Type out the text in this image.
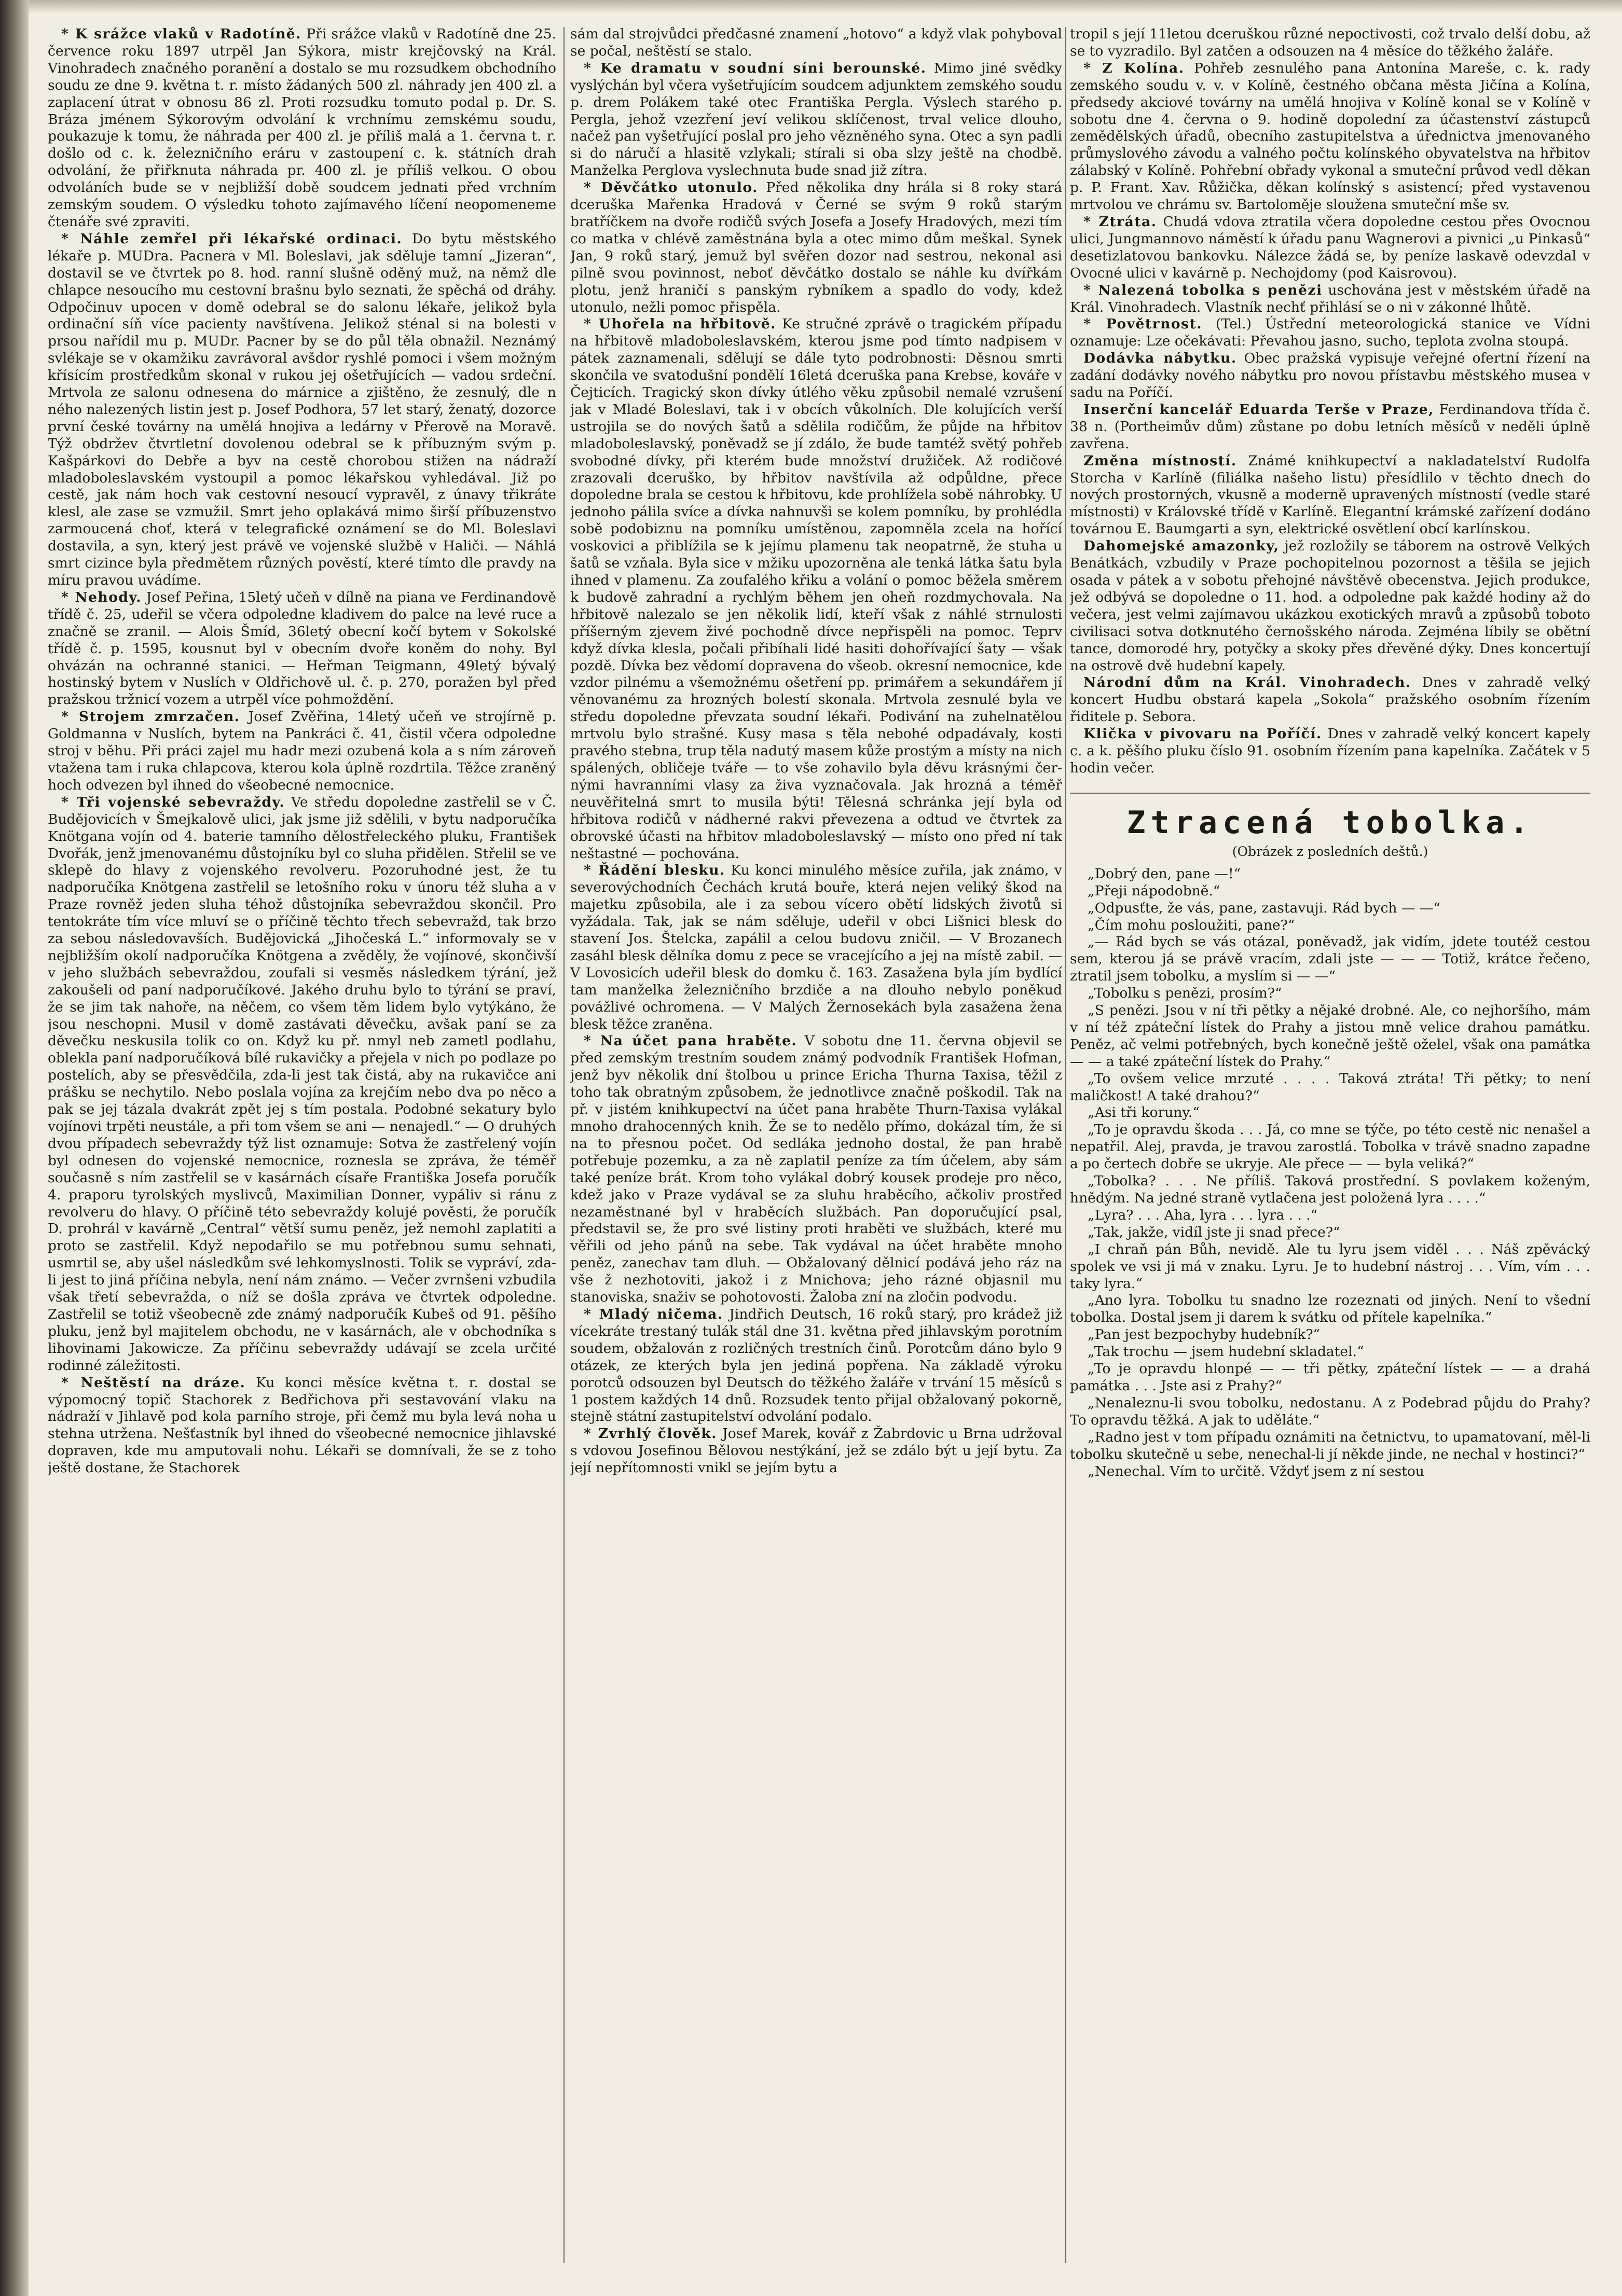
* K srážce vlaků v Radotíně. Při srážce vlaků v Radotíně dne 25. července roku 1897 utrpěl Jan Sýkora, mistr krejčovský na Král. Vinohradech značného poranění a dostalo se mu rozsudkem obchodního soudu ze dne 9. května t. r. místo žádaných 500 zl. náhrady jen 400 zl. a zaplacení útrat v obnosu 86 zl. Proti rozsudku tomuto podal p. Dr. S. Bráza jménem Sýkorovým odvolání k vrchnímu zemskému soudu, poukazuje k tomu, že náhrada per 400 zl. je příliš malá a 1. června t. r. došlo od c. k. železničního eráru v zastoupení c. k. státních drah odvolání, že přiřknuta náhrada pr. 400 zl. je příliš velkou. O obou odvoláních bude se v nejbližší době soudcem jednati před vrchním zemským soudem. O výsledku tohoto zajímavého líčení neopomeneme čtenáře své zpraviti.

* Náhle zemřel při lékařské ordinaci. Do bytu městského lékaře p. MUDra. Pacnera v Ml. Boleslavi, jak sděluje tamní „Jizeran“, dostavil se ve čtvrtek po 8. hod. ranní slušně oděný muž, na němž dle chlapce nesoucího mu cestovní brašnu bylo seznati, že spěchá od dráhy. Odpočinuv upocen v domě odebral se do salonu lékaře, jelikož byla ordinační síň více pacienty navštívena. Jelikož sténal si na bolesti v prsou nařídil mu p. MUDr. Pacner by se do půl těla obnažil. Neznámý svlékaje se v okamžiku zavrávoral avšdor ryshlé pomoci i všem možným křísícím prostředkům skonal v rukou jej ošetřujících — vadou srdeční. Mrtvola ze salonu odnesena do márnice a zjištěno, že zesnulý, dle n ného nalezených listin jest p. Josef Podhora, 57 let starý, ženatý, dozorce první české továrny na umělá hnojiva a ledárny v Přerově na Moravě. Týž obdržev čtvrtletní dovolenou odebral se k příbuzným svým p. Kašpárkovi do Debře a byv na cestě chorobou stižen na nádraží mladoboleslavském vystoupil a pomoc lékařskou vyhledával. Již po cestě, jak nám hoch vak cestovní nesoucí vypravěl, z únavy třikráte klesl, ale zase se vzmužil. Smrt jeho oplakává mimo širší příbuzenstvo zarmoucená choť, která v telegrafické oznámení se do Ml. Boleslavi dostavila, a syn, který jest právě ve vojenské službě v Haliči. — Náhlá smrt cizince byla předmětem různých pověstí, které tímto dle pravdy na míru pravou uvádíme.

* Nehody. Josef Peřina, 15letý učeň v dílně na piana ve Ferdinandově třídě č. 25, udeřil se včera odpoledne kladivem do palce na levé ruce a značně se zranil. — Alois Šmíd, 36letý obecní kočí bytem v Sokolské třídě č. p. 1595, kousnut byl v obecním dvoře koněm do nohy. Byl ohvázán na ochranné stanici. — Heřman Teigmann, 49letý bývalý hostinský bytem v Nuslích v Oldřichově ul. č. p. 270, poražen byl před pražskou tržnicí vozem a utrpěl více pohmoždění.

* Strojem zmrzačen. Josef Zvěřina, 14letý učeň ve strojírně p. Goldmanna v Nuslích, bytem na Pankráci č. 41, čistil včera odpoledne stroj v běhu. Při práci zajel mu hadr mezi ozubená kola a s ním zároveň vtažena tam i ruka chlapcova, kterou kola úplně rozdrtila. Těžce zraněný hoch odvezen byl ihned do všeobecné nemocnice.

* Tři vojenské sebevraždy. Ve středu dopoledne zastřelil se v Č. Budějovicích v Šmejkalově ulici, jak jsme již sdělili, v bytu nadporučíka Knötgana vojín od 4. baterie tamního dělostřeleckého pluku, František Dvořák, jenž jmenovanému důstojníku byl co sluha přidělen. Střelil se ve sklepě do hlavy z vojenského revolveru. Pozoruhodné jest, že tu nadporučíka Knötgena zastřelil se letošního roku v únoru též sluha a v Praze rovněž jeden sluha téhož důstojníka sebevraždou skončil. Pro tentokráte tím více mluví se o příčině těchto třech sebevražd, tak brzo za sebou následovavších. Budějovická „Jihočeská L.“ informovaly se v nejbližším okolí nadporučíka Knötgena a zvěděly, že vojínové, skončivší v jeho službách sebevraždou, zoufali si vesměs následkem týrání, jež zakoušeli od paní nadporučíkové. Jakého druhu bylo to týrání se praví, že se jim tak nahoře, na něčem, co všem těm lidem bylo vytýkáno, že jsou neschopni. Musil v domě zastávati děvečku, avšak paní se za děvečku neskusila tolik co on. Když ku př. nmyl neb zametl podlahu, oblekla paní nadporučíková bílé rukavičky a přejela v nich po podlaze po postelích, aby se přesvědčila, zda-li jest tak čistá, aby na rukavičce ani prášku se nechytilo. Nebo poslala vojína za krejčím nebo dva po něco a pak se jej tázala dvakrát zpět jej s tím postala. Podobné sekatury bylo vojínovi trpěti neustále, a při tom všem se ani — nenajedl.“ — O druhých dvou případech sebevraždy týž list oznamuje: Sotva že zastřelený vojín byl odnesen do vojenské nemocnice, roznesla se zpráva, že téměř současně s ním zastřelil se v kasárnách císaře Františka Josefa poručík 4. praporu tyrolských myslivců, Maximilian Donner, vypáliv si ránu z revolveru do hlavy. O příčině této sebevraždy kolujé pověsti, že poručík D. prohrál v kavárně „Central“ větší sumu peněz, jež nemohl zaplatiti a proto se zastřelil. Když nepodařilo se mu potřebnou sumu sehnati, usmrtil se, aby ušel následkům své lehkomyslnosti. Tolik se vypráví, zda-li jest to jiná příčina nebyla, není nám známo. — Večer zvrnšeni vzbudila však třetí sebevražda, o níž se došla zpráva ve čtvrtek odpoledne. Zastřelil se totiž všeobecně zde známý nadporučík Kubeš od 91. pěšího pluku, jenž byl majitelem obchodu, ne v kasárnách, ale v obchodníka s lihovinami Jakowicze. Za příčinu sebevraždy udávají se zcela určité rodinné záležitosti.

* Neštěstí na dráze. Ku konci měsíce května t. r. dostal se výpomocný topič Stachorek z Bedřichova při sestavování vlaku na nádraží v Jihlavě pod kola parního stroje, při čemž mu byla levá noha u stehna utržena. Nešťastník byl ihned do všeobecné nemocnice jihlavské dopraven, kde mu amputovali nohu. Lékaři se domnívali, že se z toho ještě dostane, že Stachorek

sám dal strojvůdci předčasné znamení „hotovo“ a když vlak pohyboval se počal, neštěstí se stalo.

* Ke dramatu v soudní síni berounské. Mimo jiné svědky vyslýchán byl včera vyšetřujícím soudcem adjunktem zemského soudu p. drem Polákem také otec Františka Pergla. Výslech starého p. Pergla, jehož vzezření jeví velikou sklíčenost, trval velice dlouho, načež pan vyšetřující poslal pro jeho vězněného syna. Otec a syn padli si do náručí a hlasitě vzlykali; stírali si oba slzy ještě na chodbě. Manželka Perglova vyslechnuta bude snad již zítra.

* Děvčátko utonulo. Před několika dny hrála si 8 roky stará dceruška Mařenka Hradová v Černé se svým 9 roků starým bratříčkem na dvoře rodičů svých Josefa a Josefy Hradových, mezi tím co matka v chlévě zaměstnána byla a otec mimo dům meškal. Synek Jan, 9 roků starý, jemuž byl svěřen dozor nad sestrou, nekonal asi pilně svou povinnost, neboť děvčátko dostalo se náhle ku dvířkám plotu, jenž hraničí s panským rybníkem a spadlo do vody, kdež utonulo, nežli pomoc přispěla.

* Uhořela na hřbitově. Ke stručné zprávě o tragickém případu na hřbitově mladoboleslavském, kterou jsme pod tímto nadpisem v pátek zaznamenali, sdělují se dále tyto podrobnosti: Děsnou smrti skončila ve svatodušní pondělí 16letá dceruška pana Krebse, kováře v Čejticích. Tragický skon dívky útlého věku způsobil nemalé vzrušení jak v Mladé Boleslavi, tak i v obcích vůkolních. Dle kolujících verší ustrojila se do nových šatů a sdělila rodičům, že půjde na hřbitov mladoboleslavský, poněvadž se jí zdálo, že bude tamtéž světý pohřeb svobodné dívky, při kterém bude množství družiček. Až rodičové zrazovali dceruško, by hřbitov navštívila až odpůldne, přece dopoledne brala se cestou k hřbitovu, kde prohlížela sobě náhrobky. U jednoho pálila svíce a dívka nahnuvši se kolem pomníku, by prohlédla sobě podobiznu na pomníku umístěnou, zapomněla zcela na hořící voskovici a přiblížila se k jejímu plamenu tak neopatrně, že stuha u šatů se vzňala. Byla sice v mžiku upozorněna ale tenká látka šatu byla ihned v plamenu. Za zoufalého křiku a volání o pomoc běžela směrem k budově zahradní a rychlým během jen oheň rozdmychovala. Na hřbitově nalezalo se jen několik lidí, kteří však z náhlé strnulosti příšerným zjevem živé pochodně dívce nepřispěli na pomoc. Teprv když dívka klesla, počali přibíhali lidé hasiti dohořívající šaty — však pozdě. Dívka bez vědomí dopravena do všeob. okresní nemocnice, kde vzdor pilnému a všemožnému ošetření pp. primářem a sekundářem jí věnovanému za hrozných bolestí skonala. Mrtvola zesnulé byla ve středu dopoledne převzata soudní lékaři. Podivání na zuhelnatělou mrtvolu bylo strašné. Kusy masa s těla nebohé odpadávaly, kosti pravého stebna, trup těla nadutý masem kůže prostým a místy na nich spálených, obličeje tváře — to vše zohavilo byla děvu krásnými černými havranními vlasy za živa vyznačovala. Jak hrozná a téměř neuvěřitelná smrt to musila býti! Tělesná schránka její byla od hřbitova rodičů v nádherné rakvi převezena a odtud ve čtvrtek za obrovské účasti na hřbitov mladoboleslavský — místo ono před ní tak neštastné — pochována.

* Řádění blesku. Ku konci minulého měsíce zuřila, jak známo, v severovýchodních Čechách krutá bouře, která nejen veliký škod na majetku způsobila, ale i za sebou vícero obětí lidských životů si vyžádala. Tak, jak se nám sděluje, udeřil v obci Lišnici blesk do stavení Jos. Štelcka, zapálil a celou budovu zničil. — V Brozanech zasáhl blesk dělníka domu z pece se vracejícího a jej na místě zabil. — V Lovosicích udeřil blesk do domku č. 163. Zasažena byla jím bydlící tam manželka železničního brzdiče a na dlouho nebylo poněkud povážlivé ochromena. — V Malých Žernosekách byla zasažena žena blesk těžce zraněna.

* Na účet pana hraběte. V sobotu dne 11. června objevil se před zemským trestním soudem známý podvodník František Hofman, jenž byv několik dní štolbou u prince Ericha Thurna Taxisa, těžil z toho tak obratným způsobem, že jednotlivce značně poškodil. Tak na př. v jistém knihkupectví na účet pana hraběte Thurn-Taxisa vylákal mnoho drahocenných knih. Že se to nedělo přímo, dokázal tím, že si na to přesnou počet. Od sedláka jednoho dostal, že pan hrabě potřebuje pozemku, a za ně zaplatil peníze za tím účelem, aby sám také peníze brát. Krom toho vylákal dobrý kousek prodeje pro něco, kdež jako v Praze vydával se za sluhu hraběcího, ačkoliv prostřed nezaměstnané byl v hraběcích službách. Pan doporučující psal, představil se, že pro své listiny proti hraběti ve službách, které mu věřili od jeho pánů na sebe. Tak vydával na účet hraběte mnoho peněz, zanechav tam dluh. — Obžalovaný dělnicí podává jeho ráz na vše ž nezhotoviti, jakož i z Mnichova; jeho rázné objasnil mu stanoviska, snaživ se pohotovosti. Žaloba zní na zločin podvodu.

* Mladý ničema. Jindřich Deutsch, 16 roků starý, pro krádež již vícekráte trestaný tulák stál dne 31. května před jihlavským porotním soudem, obžalován z rozličných trestních činů. Porotcům dáno bylo 9 otázek, ze kterých byla jen jediná popřena. Na základě výroku porotců odsouzen byl Deutsch do těžkého žaláře v trvání 15 měsíců s 1 postem každých 14 dnů. Rozsudek tento přijal obžalovaný pokorně, stejně státní zastupitelství odvolání podalo.

* Zvrhlý člověk. Josef Marek, kovář z Žabrdovic u Brna udržoval s vdovou Josefinou Bělovou nestýkání, jež se zdálo být u její bytu. Za její nepřítomnosti vnikl se jejím bytu a

tropil s její 11letou dceruškou různé nepoctivosti, což trvalo delší dobu, až se to vyzradilo. Byl zatčen a odsouzen na 4 měsíce do těžkého žaláře.

* Z Kolína. Pohřeb zesnulého pana Antonína Mareše, c. k. rady zemského soudu v. v. v Kolíně, čestného občana města Jičína a Kolína, předsedy akciové továrny na umělá hnojiva v Kolíně konal se v Kolíně v sobotu dne 4. června o 9. hodině dopolední za účastenství zástupců zemědělských úřadů, obecního zastupitelstva a úřednictva jmenovaného průmyslového závodu a valného počtu kolínského obyvatelstva na hřbitov zálabský v Kolíně. Pohřební obřady vykonal a smuteční průvod vedl děkan p. P. Frant. Xav. Růžička, děkan kolínský s asistencí; před vystavenou mrtvolou ve chrámu sv. Bartoloměje sloužena smuteční mše sv.

* Ztráta. Chudá vdova ztratila včera dopoledne cestou přes Ovocnou ulici, Jungmannovo náměstí k úřadu panu Wagnerovi a pivnici „u Pinkasů“ desetizlatovou bankovku. Nálezce žádá se, by peníze laskavě odevzdal v Ovocné ulici v kavárně p. Nechojdomy (pod Kaisrovou).

* Nalezená tobolka s penězi uschována jest v městském úřadě na Král. Vinohradech. Vlastník nechť přihlásí se o ni v zákonné lhůtě.

* Povětrnost. (Tel.) Ústřední meteorologická stanice ve Vídni oznamuje: Lze očekávati: Převahou jasno, sucho, teplota zvolna stoupá.

Dodávka nábytku. Obec pražská vypisuje veřejné ofertní řízení na zadání dodávky nového nábytku pro novou přístavbu městského musea v sadu na Poříčí.

Inserční kancelář Eduarda Terše v Praze, Ferdinandova třída č. 38 n. (Portheimův dům) zůstane po dobu letních měsíců v neděli úplně zavřena.

Změna místností. Známé knihkupectví a nakladatelství Rudolfa Storcha v Karlíně (filiálka našeho listu) přesídlilo v těchto dnech do nových prostorných, vkusně a moderně upravených místností (vedle staré místnosti) v Královské třídě v Karlíně. Elegantní krámské zařízení dodáno továrnou E. Baumgarti a syn, elektrické osvětlení obcí karlínskou.

Dahomejské amazonky, jež rozložily se táborem na ostrově Velkých Benátkách, vzbudily v Praze pochopitelnou pozornost a těšila se jejich osada v pátek a v sobotu přehojné návštěvě obecenstva. Jejich produkce, jež odbývá se dopoledne o 11. hod. a odpoledne pak každé hodiny až do večera, jest velmi zajímavou ukázkou exotických mravů a způsobů toboto civilisaci sotva dotknutého černošského národa. Zejména líbily se obětní tance, domorodé hry, potyčky a skoky přes dřevěné dýky. Dnes koncertují na ostrově dvě hudební kapely.

Národní dům na Král. Vinohradech. Dnes v zahradě velký koncert Hudbu obstará kapela „Sokola“ pražského osobním řízením řiditele p. Sebora.

Klička v pivovaru na Poříčí. Dnes v zahradě velký koncert kapely c. a k. pěšího pluku číslo 91. osobním řízením pana kapelníka. Začátek v 5 hodin večer.

Ztracená tobolka.
(Obrázek z posledních deštů.)

„Dobrý den, pane —!“

„Přeji nápodobně.“

„Odpusťte, že vás, pane, zastavuji. Rád bych — —“

„Čím mohu posloužiti, pane?“

„— Rád bych se vás otázal, poněvadž, jak vidím, jdete toutéž cestou sem, kterou já se právě vracím, zdali jste — — — Totiž, krátce řečeno, ztratil jsem tobolku, a myslím si — —“

„Tobolku s penězi, prosím?“

„S penězi. Jsou v ní tři pětky a nějaké drobné. Ale, co nejhoršího, mám v ní též zpáteční lístek do Prahy a jistou mně velice drahou památku. Peněz, ač velmi potřebných, bych konečně ještě oželel, však ona památka — — a také zpáteční lístek do Prahy.“

„To ovšem velice mrzuté . . . . Taková ztráta! Tři pětky; to není maličkost! A také drahou?“

„Asi tři koruny.“

„To je opravdu škoda . . . Já, co mne se týče, po této cestě nic nenašel a nepatřil. Alej, pravda, je travou zarostlá. Tobolka v trávě snadno zapadne a po čertech dobře se ukryje. Ale přece — — byla veliká?“

„Tobolka? . . . Ne příliš. Taková prostřední. S povlakem koženým, hnědým. Na jedné straně vytlačena jest položená lyra . . . .“

„Lyra? . . . Aha, lyra . . . lyra . . .“

„Tak, jakže, vidíl jste ji snad přece?“

„I chraň pán Bůh, nevidě. Ale tu lyru jsem viděl . . . Náš zpěvácký spolek ve vsi ji má v znaku. Lyru. Je to hudební nástroj . . . Vím, vím . . . taky lyra.“

„Ano lyra. Tobolku tu snadno lze rozeznati od jiných. Není to všední tobolka. Dostal jsem ji darem k svátku od přítele kapelníka.“

„Pan jest bezpochyby hudebník?“

„Tak trochu — jsem hudební skladatel.“

„To je opravdu hlonpé — — tři pětky, zpáteční lístek — — a drahá památka . . . Jste asi z Prahy?“

„Nenaleznu-li svou tobolku, nedostanu. A z Podebrad půjdu do Prahy? To opravdu těžká. A jak to uděláte.“

„Radno jest v tom případu oznámiti na četnictvu, to upamatovaní, měl-li tobolku skutečně u sebe, nenechal-li jí někde jinde, ne nechal v hostinci?“

„Nenechal. Vím to určitě. Vždyť jsem z ní sestou
